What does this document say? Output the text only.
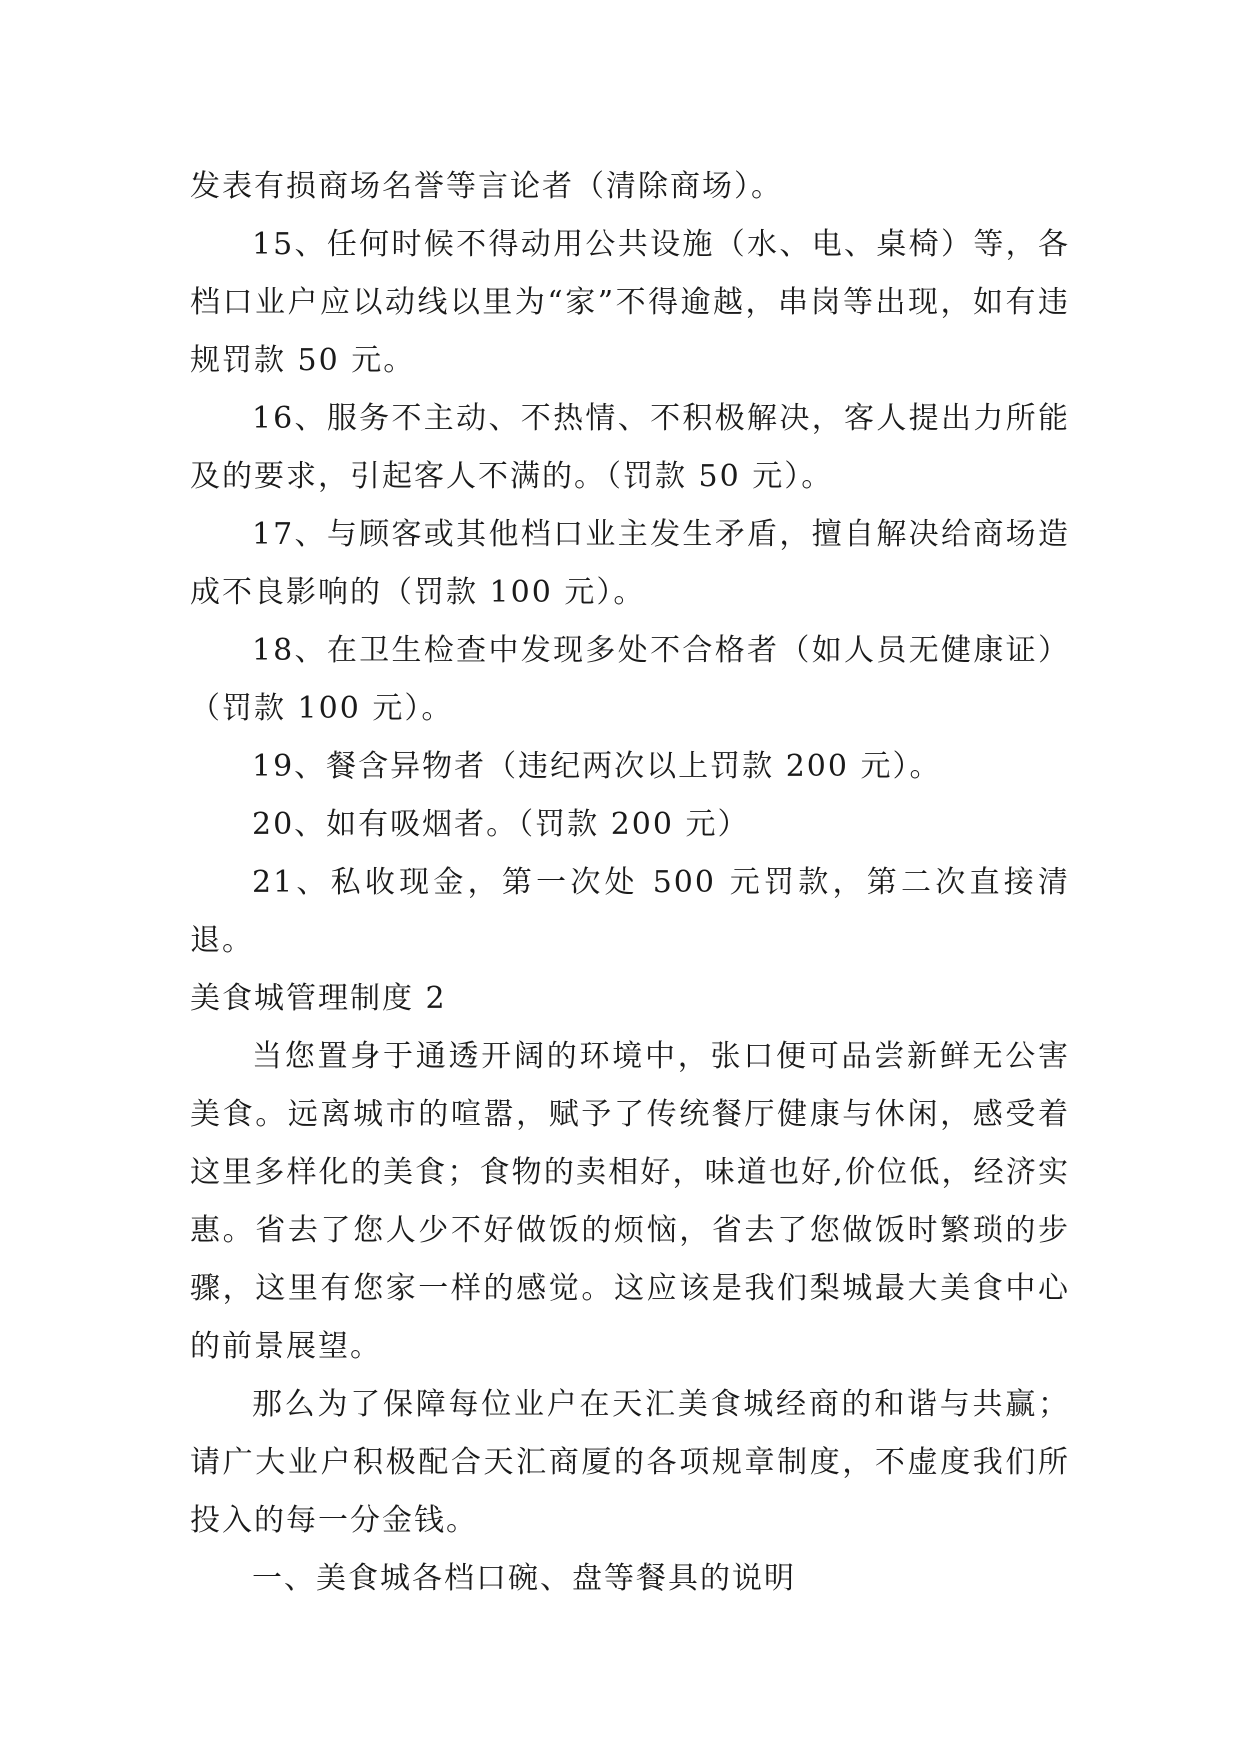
发表有损商场名誉等言论者（清除商场）。

15、任何时候不得动用公共设施（水、电、桌椅）等，各档口业户应以动线以里为“家”不得逾越，串岗等出现，如有违规罚款 50 元。

16、服务不主动、不热情、不积极解决，客人提出力所能及的要求，引起客人不满的。（罚款 50 元）。

17、与顾客或其他档口业主发生矛盾，擅自解决给商场造成不良影响的（罚款 100 元）。

18、在卫生检查中发现多处不合格者（如人员无健康证）（罚款 100 元）。

19、餐含异物者（违纪两次以上罚款 200 元）。

20、如有吸烟者。（罚款 200 元）

21、私收现金，第一次处 500 元罚款，第二次直接清退。

美食城管理制度 2

当您置身于通透开阔的环境中，张口便可品尝新鲜无公害美食。远离城市的喧嚣，赋予了传统餐厅健康与休闲，感受着这里多样化的美食；食物的卖相好，味道也好,价位低，经济实惠。省去了您人少不好做饭的烦恼，省去了您做饭时繁琐的步骤，这里有您家一样的感觉。这应该是我们梨城最大美食中心的前景展望。

那么为了保障每位业户在天汇美食城经商的和谐与共赢；请广大业户积极配合天汇商厦的各项规章制度，不虚度我们所投入的每一分金钱。

一、美食城各档口碗、盘等餐具的说明
